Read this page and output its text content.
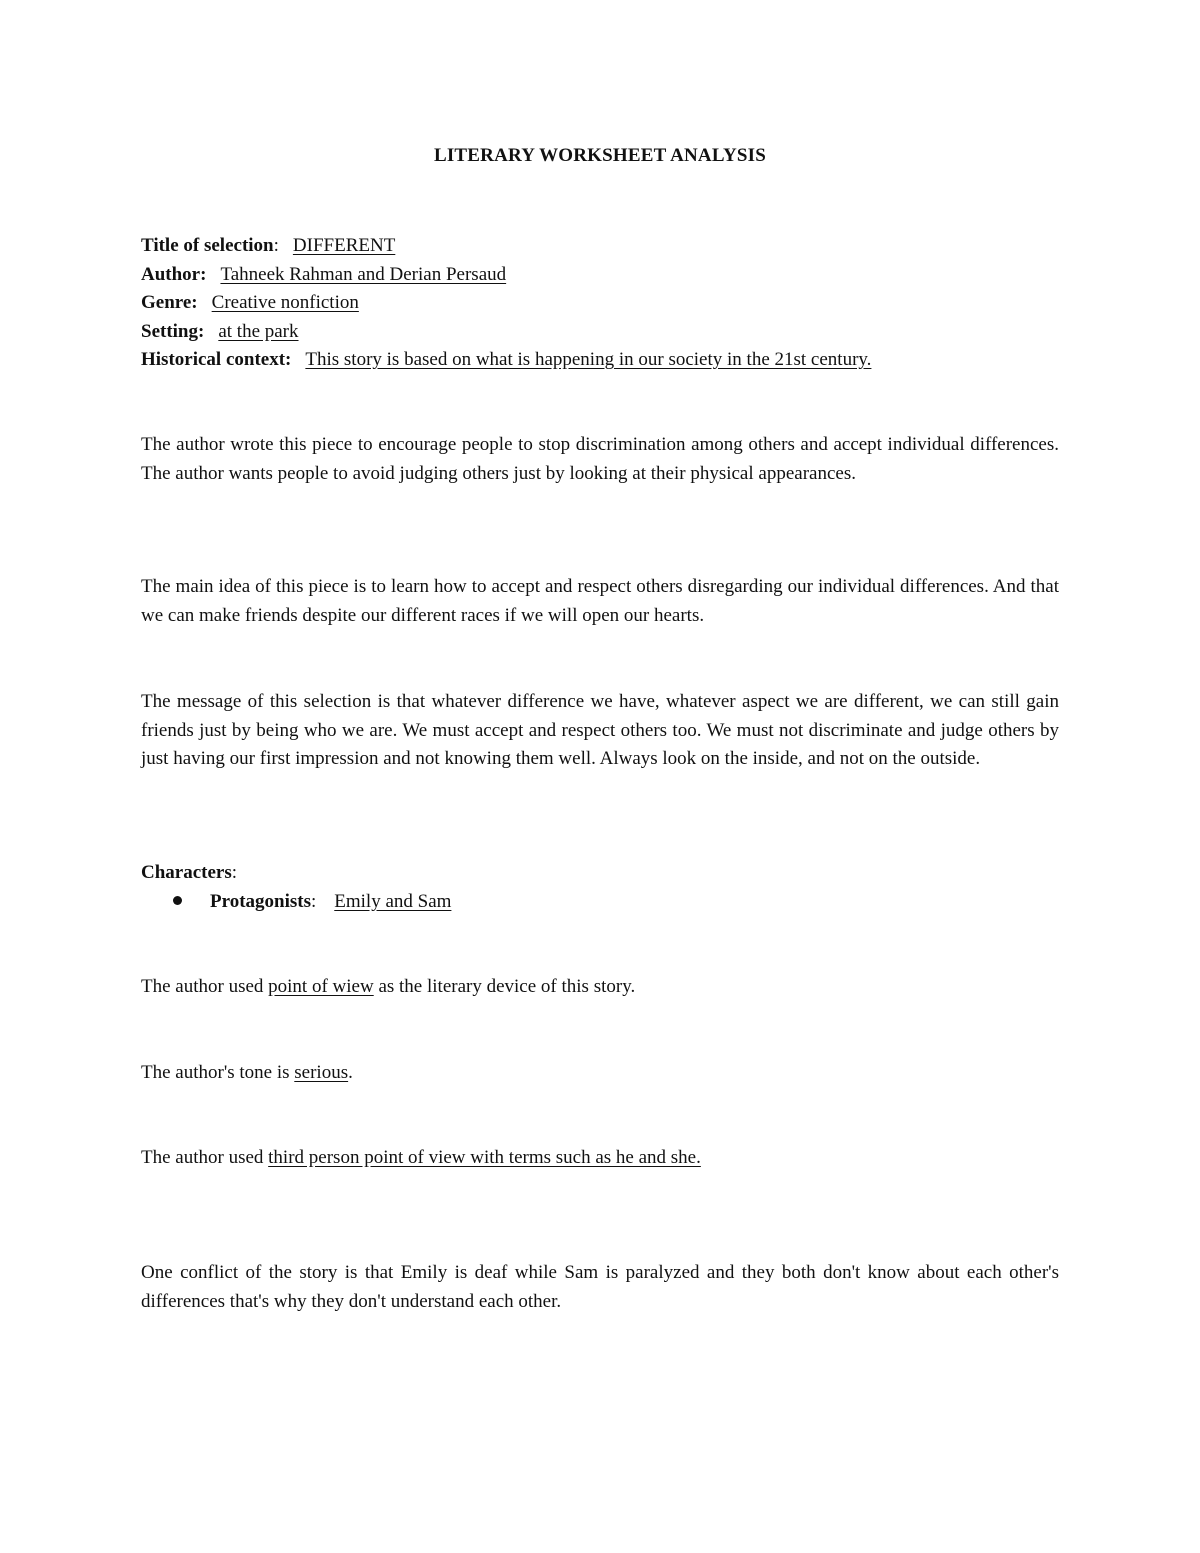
LITERARY WORKSHEET ANALYSIS
Title of selection: DIFFERENT
Author: Tahneek Rahman and Derian Persaud
Genre: Creative nonfiction
Setting: at the park
Historical context: This story is based on what is happening in our society in the 21st century.

The author wrote this piece to encourage people to stop discrimination among others and accept individual differences. The author wants people to avoid judging others just by looking at their physical appearances.

The main idea of this piece is to learn how to accept and respect others disregarding our individual differences. And that we can make friends despite our different races if we will open our hearts.

The message of this selection is that whatever difference we have, whatever aspect we are different, we can still gain friends just by being who we are. We must accept and respect others too. We must not discriminate and judge others by just having our first impression and not knowing them well. Always look on the inside, and not on the outside.

Characters:
Protagonists: Emily and Sam
The author used point of wiew as the literary device of this story.
The author's tone is serious.
The author used third person point of view with terms such as he and she.

One conflict of the story is that Emily is deaf while Sam is paralyzed and they both don't know about each other's differences that's why they don't understand each other.
